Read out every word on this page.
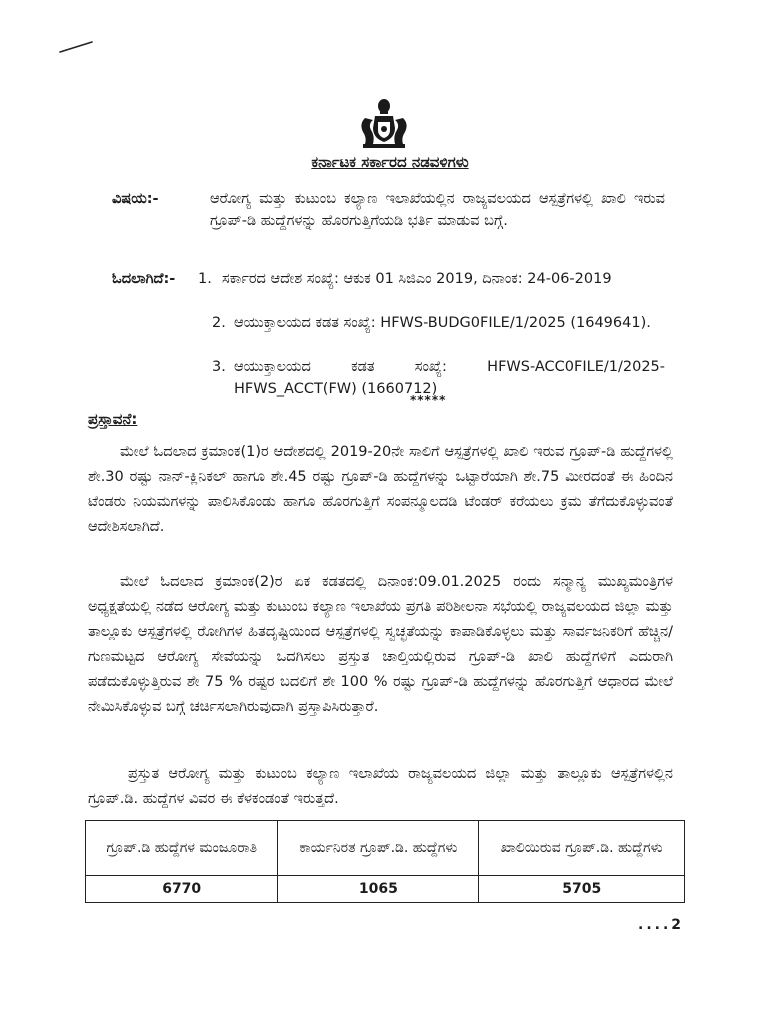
ಕರ್ನಾಟಕ ಸರ್ಕಾರದ ನಡವಳಿಗಳು
ವಿಷಯ:-	ಆರೋಗ್ಯ ಮತ್ತು ಕುಟುಂಬ ಕಲ್ಯಾಣ ಇಲಾಖೆಯಲ್ಲಿನ ರಾಜ್ಯವಲಯದ ಆಸ್ಪತ್ರೆಗಳಲ್ಲಿ ಖಾಲಿ ಇರುವ ಗ್ರೂಪ್-ಡಿ ಹುದ್ದೆಗಳನ್ನು ಹೊರಗುತ್ತಿಗೆಯಡಿ ಭರ್ತಿ ಮಾಡುವ ಬಗ್ಗೆ.
ಓದಲಾಗಿದೆ:- 1. ಸರ್ಕಾರದ ಆದೇಶ ಸಂಖ್ಯೆ: ಆಕುಕ 01 ಸಿಜಿಎಂ 2019, ದಿನಾಂಕ: 24-06-2019
2. ಆಯುಕ್ತಾಲಯದ ಕಡತ ಸಂಖ್ಯೆ: HFWS-BUDG0FILE/1/2025 (1649641).
3. ಆಯುಕ್ತಾಲಯದ ಕಡತ ಸಂಖ್ಯೆ: HFWS-ACC0FILE/1/2025-HFWS_ACCT(FW) (1660712)
*****
ಪ್ರಸ್ತಾವನೆ:
ಮೇಲೆ ಓದಲಾದ ಕ್ರಮಾಂಕ(1)ರ ಆದೇಶದಲ್ಲಿ 2019-20ನೇ ಸಾಲಿಗೆ ಆಸ್ಪತ್ರೆಗಳಲ್ಲಿ ಖಾಲಿ ಇರುವ ಗ್ರೂಪ್-ಡಿ ಹುದ್ದೆಗಳಲ್ಲಿ ಶೇ.30 ರಷ್ಟು ನಾನ್-ಕ್ಲಿನಿಕಲ್ ಹಾಗೂ ಶೇ.45 ರಷ್ಟು ಗ್ರೂಪ್-ಡಿ ಹುದ್ದೆಗಳನ್ನು ಒಟ್ಟಾರೆಯಾಗಿ ಶೇ.75 ಮೀರದಂತೆ ಈ ಹಿಂದಿನ ಟೆಂಡರು ನಿಯಮಗಳನ್ನು ಪಾಲಿಸಿಕೊಂಡು ಹಾಗೂ ಹೊರಗುತ್ತಿಗೆ ಸಂಪನ್ಮೂಲದಡಿ ಟೆಂಡರ್ ಕರೆಯಲು ಕ್ರಮ ತೆಗೆದುಕೊಳ್ಳುವಂತೆ ಆದೇಶಿಸಲಾಗಿದೆ.
ಮೇಲೆ ಓದಲಾದ ಕ್ರಮಾಂಕ(2)ರ ಏಕ ಕಡತದಲ್ಲಿ ದಿನಾಂಕ:09.01.2025 ರಂದು ಸನ್ಮಾನ್ಯ ಮುಖ್ಯಮಂತ್ರಿಗಳ ಅಧ್ಯಕ್ಷತೆಯಲ್ಲಿ ನಡೆದ ಆರೋಗ್ಯ ಮತ್ತು ಕುಟುಂಬ ಕಲ್ಯಾಣ ಇಲಾಖೆಯ ಪ್ರಗತಿ ಪರಿಶೀಲನಾ ಸಭೆಯಲ್ಲಿ ರಾಜ್ಯವಲಯದ ಜಿಲ್ಲಾ ಮತ್ತು ತಾಲ್ಲೂಕು ಆಸ್ಪತ್ರೆಗಳಲ್ಲಿ ರೋಗಿಗಳ ಹಿತದೃಷ್ಟಿಯಿಂದ ಆಸ್ಪತ್ರೆಗಳಲ್ಲಿ ಸ್ವಚ್ಛತೆಯನ್ನು ಕಾಪಾಡಿಕೊಳ್ಳಲು ಮತ್ತು ಸಾರ್ವಜನಿಕರಿಗೆ ಹೆಚ್ಚಿನ/ಗುಣಮಟ್ಟದ ಆರೋಗ್ಯ ಸೇವೆಯನ್ನು ಒದಗಿಸಲು ಪ್ರಸ್ತುತ ಚಾಲ್ತಿಯಲ್ಲಿರುವ ಗ್ರೂಪ್-ಡಿ ಖಾಲಿ ಹುದ್ದೆಗಳಿಗೆ ಎದುರಾಗಿ ಪಡೆದುಕೊಳ್ಳುತ್ತಿರುವ ಶೇ 75 % ರಷ್ಟರ ಬದಲಿಗೆ ಶೇ 100 % ರಷ್ಟು ಗ್ರೂಪ್-ಡಿ ಹುದ್ದೆಗಳನ್ನು ಹೊರಗುತ್ತಿಗೆ ಆಧಾರದ ಮೇಲೆ ನೇಮಿಸಿಕೊಳ್ಳುವ ಬಗ್ಗೆ ಚರ್ಚಿಸಲಾಗಿರುವುದಾಗಿ ಪ್ರಸ್ತಾಪಿಸಿರುತ್ತಾರೆ.
ಪ್ರಸ್ತುತ ಆರೋಗ್ಯ ಮತ್ತು ಕುಟುಂಬ ಕಲ್ಯಾಣ ಇಲಾಖೆಯ ರಾಜ್ಯವಲಯದ ಜಿಲ್ಲಾ ಮತ್ತು ತಾಲ್ಲೂಕು ಆಸ್ಪತ್ರೆಗಳಲ್ಲಿನ ಗ್ರೂಪ್.ಡಿ. ಹುದ್ದೆಗಳ ವಿವರ ಈ ಕೆಳಕಂಡಂತೆ ಇರುತ್ತದೆ.
ಗ್ರೂಪ್.ಡಿ ಹುದ್ದೆಗಳ ಮಂಜೂರಾತಿ	ಕಾರ್ಯನಿರತ ಗ್ರೂಪ್.ಡಿ. ಹುದ್ದೆಗಳು	ಖಾಲಿಯಿರುವ ಗ್ರೂಪ್.ಡಿ. ಹುದ್ದೆಗಳು
6770	1065	5705
....2
